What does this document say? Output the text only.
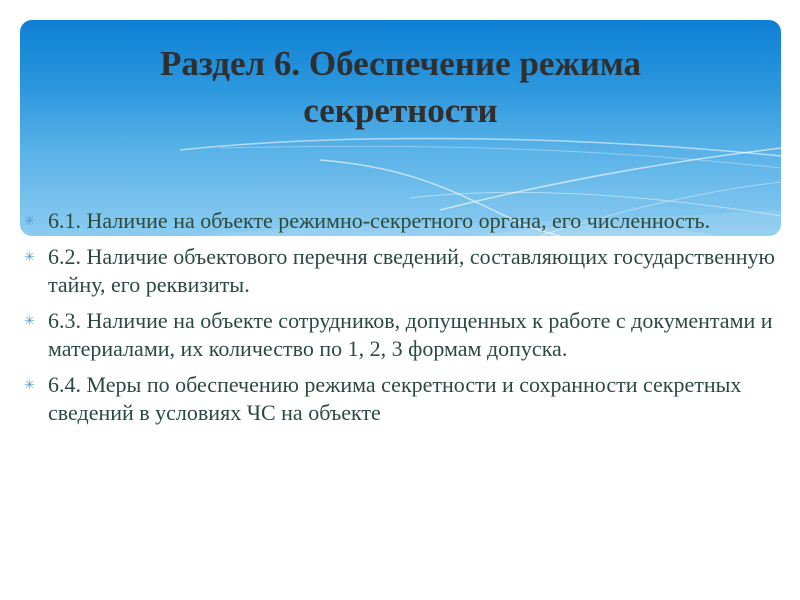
Раздел 6. Обеспечение режима
секретности
✳ 6.1. Наличие на объекте режимно-секретного органа, его численность.
✳ 6.2. Наличие объектового перечня сведений, составляющих государственную тайну, его реквизиты.
✳ 6.3. Наличие на объекте сотрудников, допущенных к работе с документами и материалами, их количество по 1, 2, 3 формам допуска.
✳ 6.4. Меры по обеспечению режима секретности и сохранности секретных сведений в условиях ЧС на объекте
